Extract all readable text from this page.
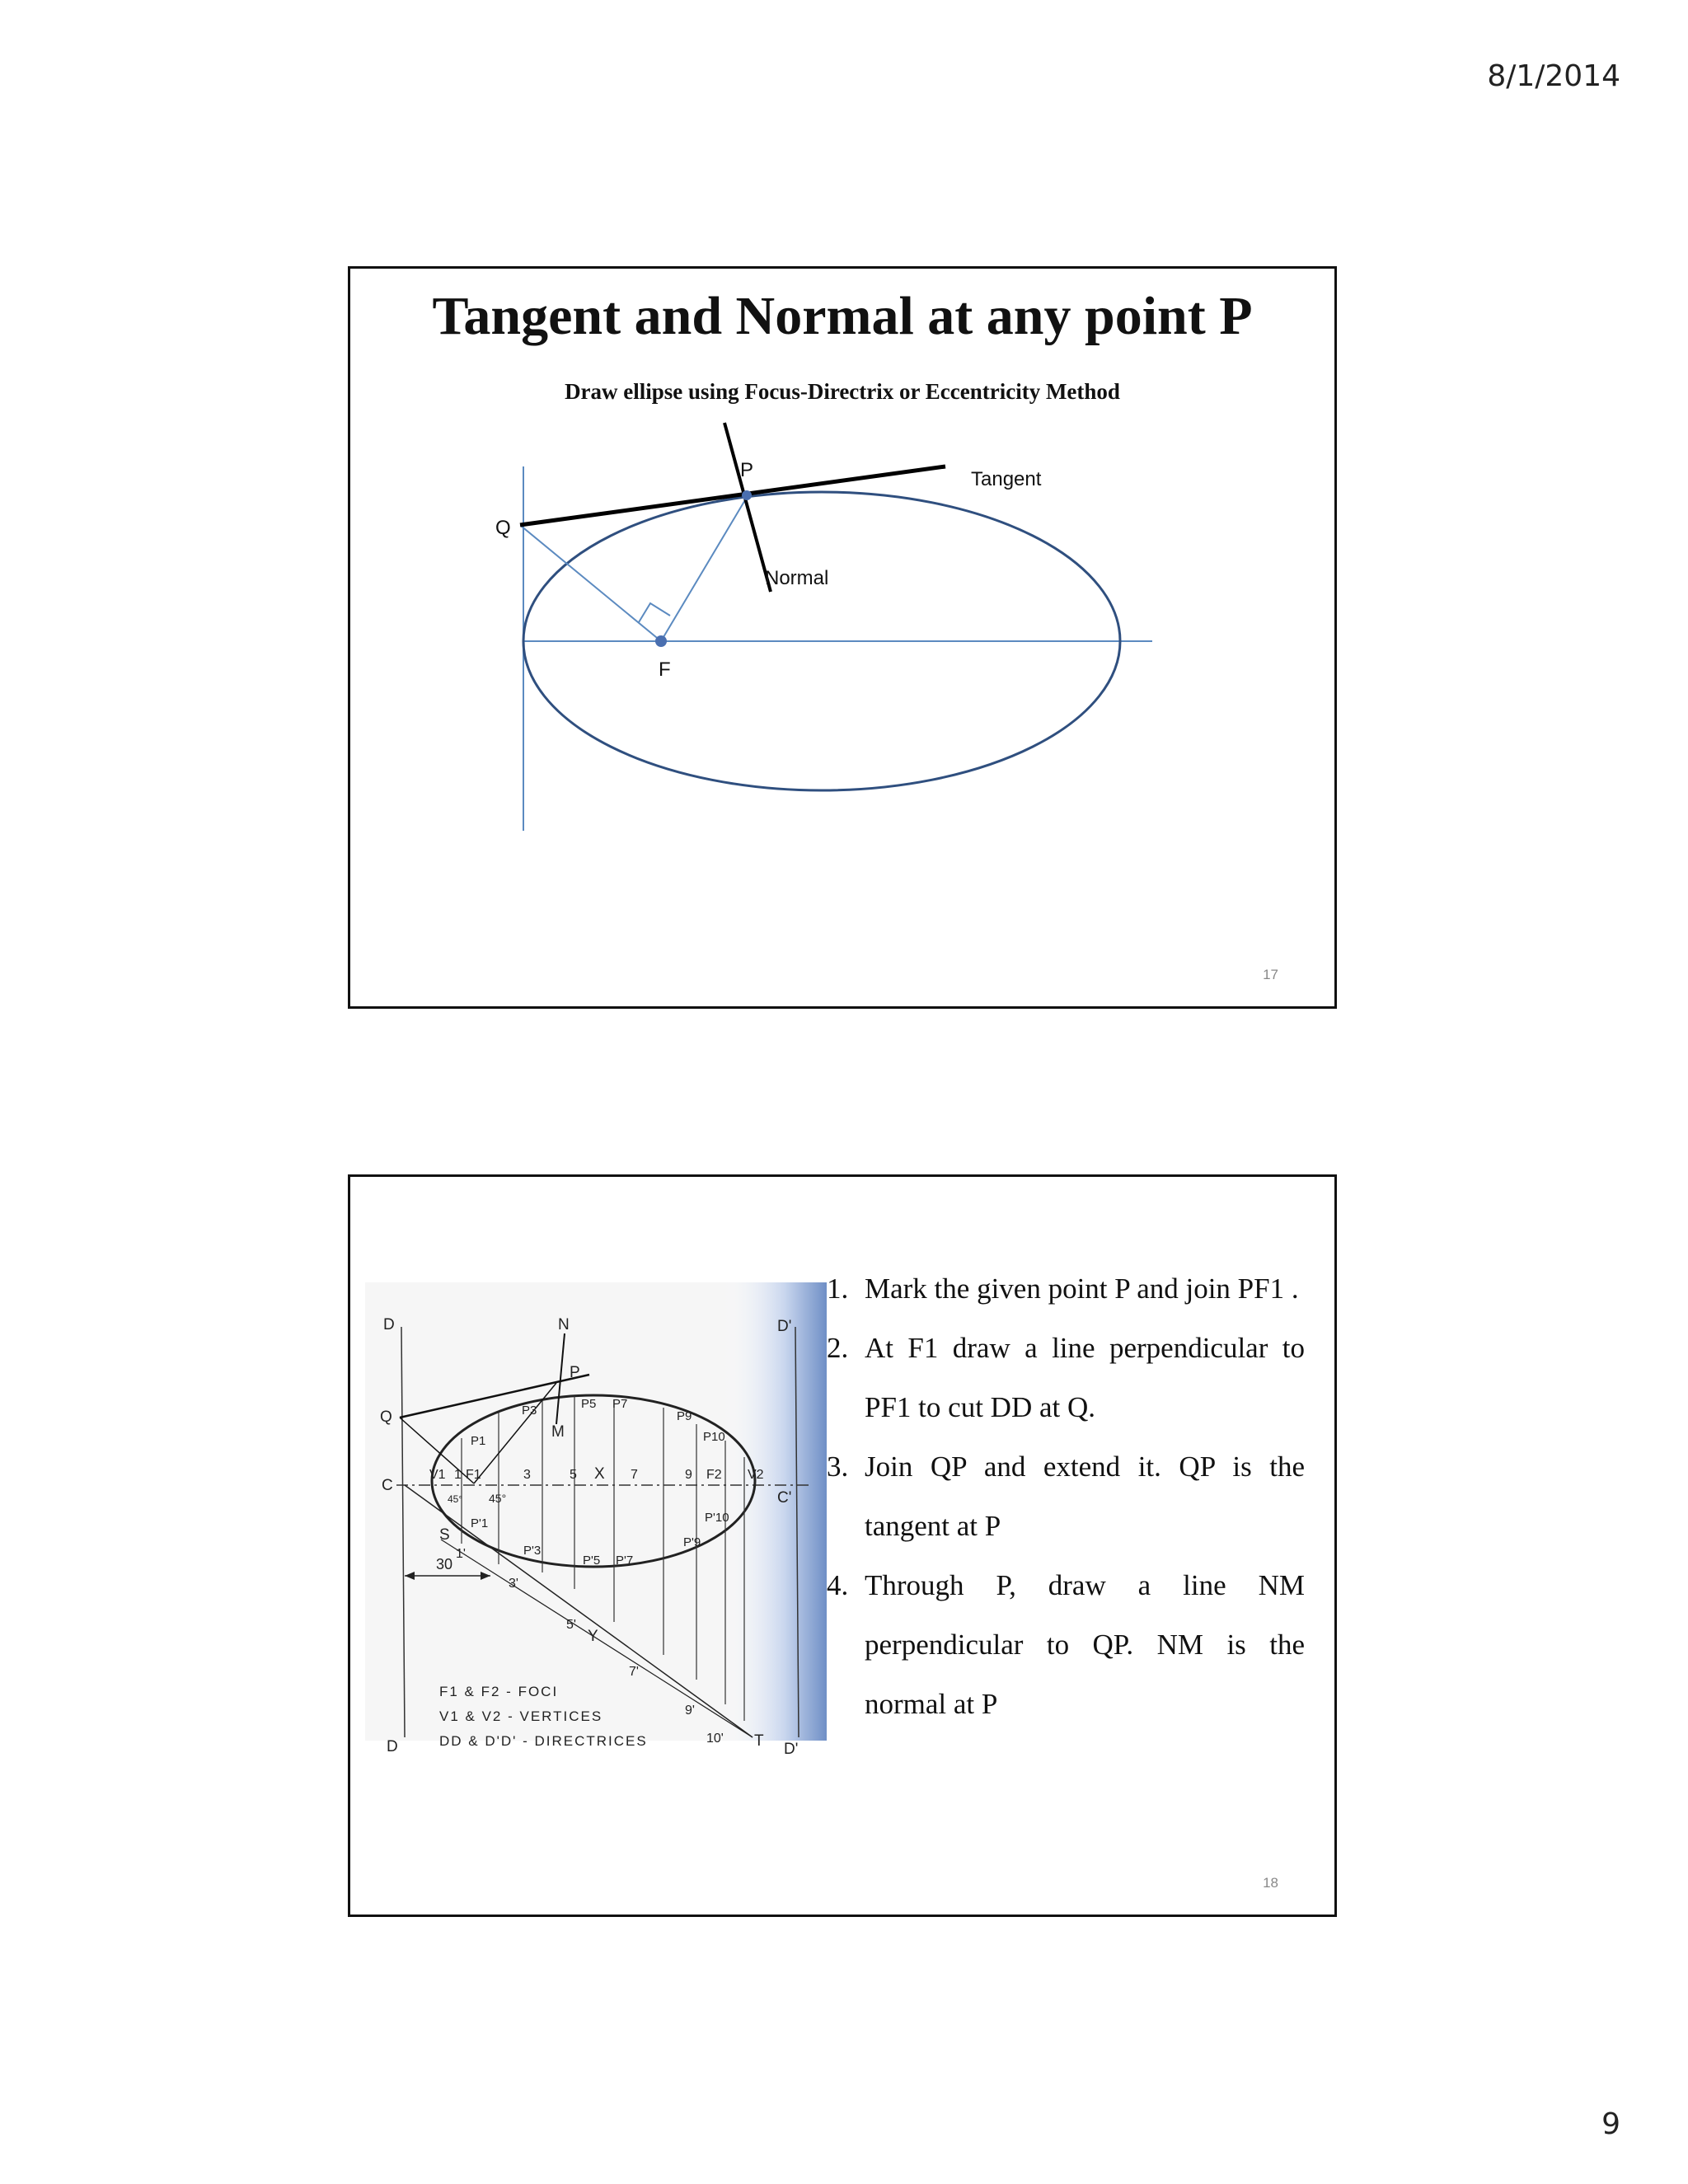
8/1/2014
Tangent and Normal at any point P
Draw ellipse using Focus-Directrix or Eccentricity Method
P
Q
F
Tangent
Normal
17
D	N	D'
P
Q
M
C
C'
S
X
Y
T
D	D'
V1 F1	F2 V2
1	3	5	7	9
P1
P3	P5 P7
P9
P10
P'1
P'3
P'5 P'7
P'9
P'10
1'
3'
5'
7'
9'
10'
30
45° 45°
F1 & F2 - FOCI
V1 & V2 - VERTICES
DD & D'D' - DIRECTRICES
1. Mark the given point P and join PF1 .
2. At F1 draw a line perpendicular to PF1 to cut DD at Q.
3. Join QP and extend it. QP is the tangent at P
4. Through P, draw a line NM perpendicular to QP. NM is the normal at P
18
9
